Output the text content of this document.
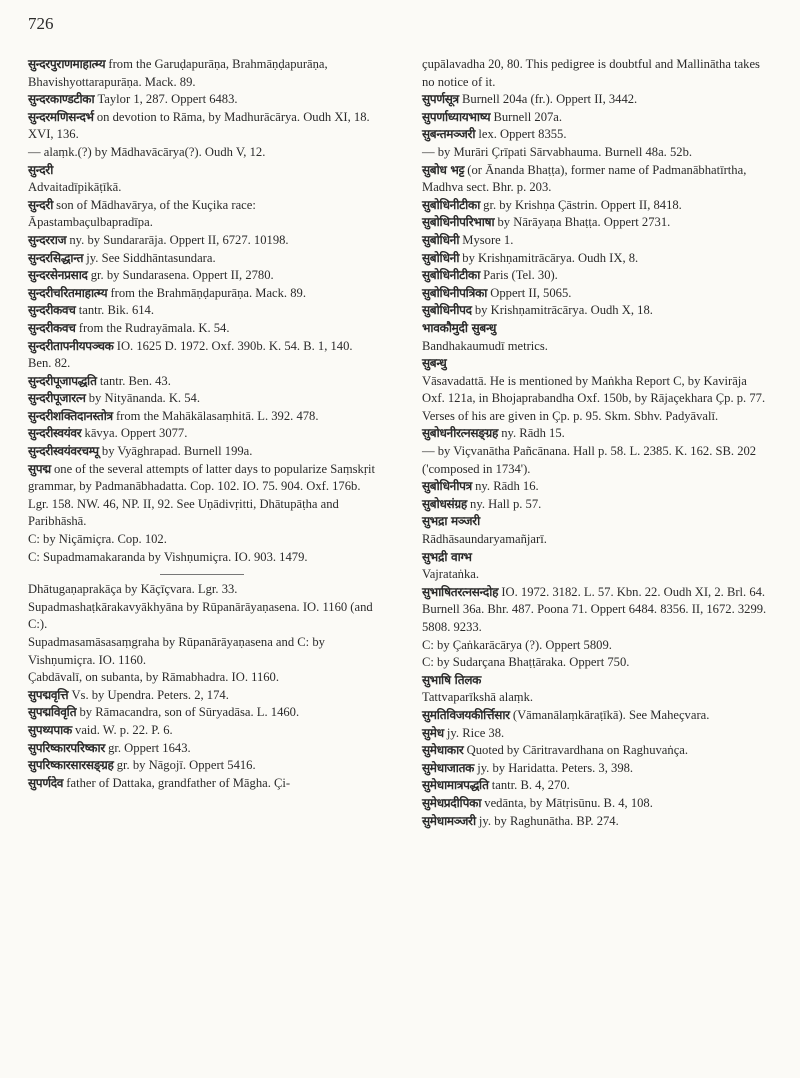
726
सुन्दरपुराणमाहात्म्य from the Garuḍapurāṇa, Brahmāṇḍapurāṇa, Bhavishyottarapurāṇa. Mack. 89.
सुन्दरकाण्डटीका Taylor 1, 287. Oppert 6483.
सुन्दरमणिसन्दर्भ on devotion to Rāma, by Madhurācārya. Oudh XI, 18. XVI, 136.
— alaṃk.(?) by Mādhavācārya(?). Oudh V, 12.
सुन्दरी
Advaitadīpikāṭīkā.
सुन्दरी son of Mādhavārya, of the Kuçika race: Āpastambaçulbapradīpa.
सुन्दरराज ny. by Sundararāja. Oppert II, 6727. 10198.
सुन्दरसिद्धान्त jy. See Siddhāntasundara.
सुन्दरसेनप्रसाद gr. by Sundarasena. Oppert II, 2780.
सुन्दरीचरितमाहात्म्य from the Brahmāṇḍapurāṇa. Mack. 89.
सुन्दरीकवच tantr. Bik. 614.
सुन्दरीकवच from the Rudrayāmala. K. 54.
सुन्दरीतापनीयपञ्चक IO. 1625 D. 1972. Oxf. 390b. K. 54. B. 1, 140. Ben. 82.
सुन्दरीपूजापद्धति tantr. Ben. 43.
सुन्दरीपूजारत्न by Nityānanda. K. 54.
सुन्दरीशक्तिदानस्तोत्र from the Mahākālasaṃhitā. L. 392. 478.
सुन्दरीस्वयंवर kāvya. Oppert 3077.
सुन्दरीस्वयंवरचम्पू by Vyāghrapad. Burnell 199a.
सुपद्म one of the several attempts of latter days to popularize Saṃskṛit grammar, by Padmanābhadatta. Cop. 102. IO. 75. 904. Oxf. 176b. Lgr. 158. NW. 46, NP. II, 92. See Uṇādivṛitti, Dhātupāṭha and Paribhāshā.
C: by Niçāmiçra. Cop. 102.
C: Supadmamakaranda by Vishṇumiçra. IO. 903. 1479.
Dhātugaṇaprakāça by Kāçīçvara. Lgr. 33.
Supadmashaṭkārakavyākhyāna by Rūpanārāyaṇasena. IO. 1160 (and C:).
Supadmasamāsasaṃgraha by Rūpanārāyaṇasena and C: by Vishṇumiçra. IO. 1160.
Çabdāvalī, on subanta, by Rāmabhadra. IO. 1160.
सुपद्मवृत्ति Vs. by Upendra. Peters. 2, 174.
सुपद्मविवृति by Rāmacandra, son of Sūryadāsa. L. 1460.
सुपथ्यपाक vaid. W. p. 22. P. 6.
सुपरिष्कारपरिष्कार gr. Oppert 1643.
सुपरिष्कारसारसङ्ग्रह gr. by Nāgojī. Oppert 5416.
सुपर्णदेव father of Dattaka, grandfather of Māgha. Çi-
çupālavadha 20, 80. This pedigree is doubtful and Mallinātha takes no notice of it.
सुपर्णसूत्र Burnell 204a (fr.). Oppert II, 3442.
सुपर्णाध्यायभाष्य Burnell 207a.
सुबन्तमञ्जरी lex. Oppert 8355.
— by Murāri Çrīpati Sārvabhauma. Burnell 48a. 52b.
सुबोध भट्ट (or Ānanda Bhaṭṭa), former name of Padmanābhatīrtha, Madhva sect. Bhr. p. 203.
सुबोधिनीटीका gr. by Krishṇa Çāstrin. Oppert II, 8418.
सुबोधिनीपरिभाषा by Nārāyaṇa Bhaṭṭa. Oppert 2731.
सुबोधिनी Mysore 1.
सुबोधिनी by Krishṇamitrācārya. Oudh IX, 8.
सुबोधिनीटीका Paris (Tel. 30).
सुबोधिनीपत्रिका Oppert II, 5065.
सुबोधिनीपद by Krishṇamitrācārya. Oudh X, 18.
भावकौमुदी सुबन्धु
Bandhakaumudī metrics.
सुबन्धु
Vāsavadattā. He is mentioned by Maṅkha Report C, by Kavirāja Oxf. 121a, in Bhojaprabandha Oxf. 150b, by Rājaçekhara Çp. p. 77. Verses of his are given in Çp. p. 95. Skm. Sbhv. Padyāvalī.
सुबोधनीरत्नसङ्ग्रह ny. Rādh 15.
— by Viçvanātha Pañcānana. Hall p. 58. L. 2385. K. 162. SB. 202 ('composed in 1734').
सुबोधिनीपत्र ny. Rādh 16.
सुबोधसंग्रह ny. Hall p. 57.
सुभद्रा मञ्जरी
Rādhāsaundaryamañjarī.
सुभद्री वाग्भ
Vajrataṅka.
सुभाषितरत्नसन्दोह IO. 1972. 3182. L. 57. Kbn. 22. Oudh XI, 2. Brl. 64. Burnell 36a. Bhr. 487. Poona 71. Oppert 6484. 8356. II, 1672. 3299. 5808. 9233.
C: by Çaṅkarācārya (?). Oppert 5809.
C: by Sudarçana Bhaṭṭāraka. Oppert 750.
सुभाषि तिलक
Tattvaparīkshā alaṃk.
सुमतिविजयकीर्त्तिसार (Vāmanālaṃkāraṭīkā). See Maheçvara.
सुमेध jy. Rice 38.
सुमेधाकार Quoted by Cāritravardhana on Raghuvaṅça.
सुमेधाजातक jy. by Haridatta. Peters. 3, 398.
सुमेधामात्रपद्धति tantr. B. 4, 270.
सुमेधप्रदीपिका vedānta, by Mātṛisūnu. B. 4, 108.
सुमेधामञ्जरी jy. by Raghunātha. BP. 274.
